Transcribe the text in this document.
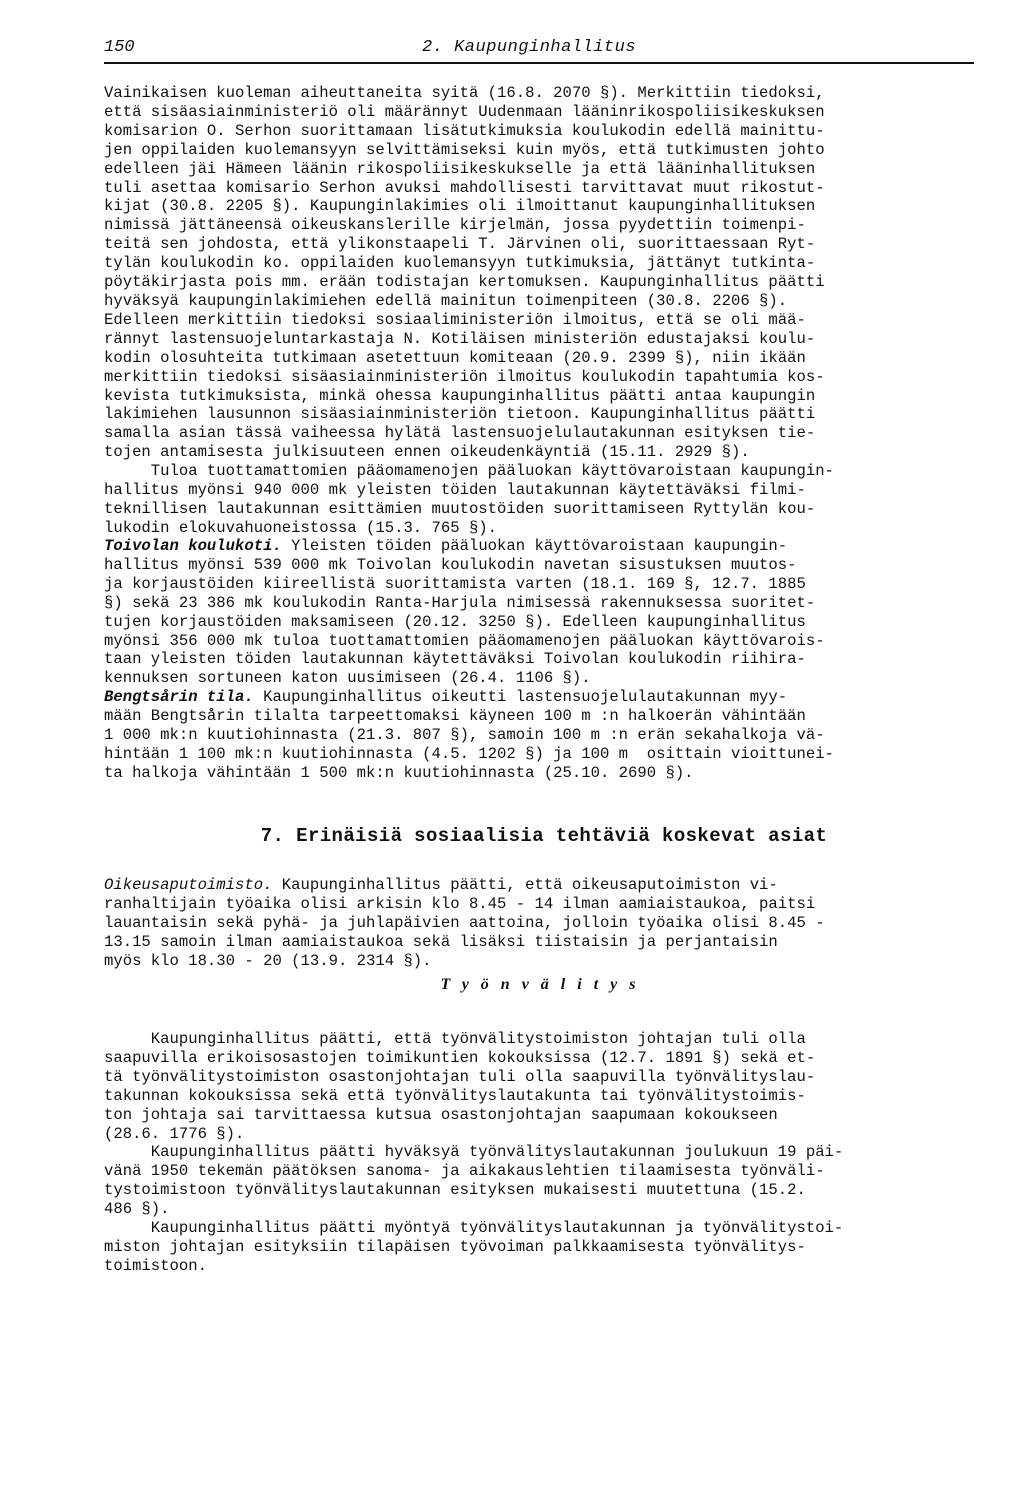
150	2. Kaupunginhallitus
Vainikaisen kuoleman aiheuttaneita syitä (16.8. 2070 §). Merkittiin tiedoksi,
että sisäasiainministeriö oli määrännyt Uudenmaan lääninrikospoliisikeskuksen
komisarion O. Serhon suorittamaan lisätutkimuksia koulukodin edellä mainittu-
jen oppilaiden kuolemansyyn selvittämiseksi kuin myös, että tutkimusten johto
edelleen jäi Hämeen läänin rikospoliisikeskukselle ja että lääninhallituksen
tuli asettaa komisario Serhon avuksi mahdollisesti tarvittavat muut rikostut-
kijat (30.8. 2205 §). Kaupunginlakimies oli ilmoittanut kaupunginhallituksen
nimissä jättäneensä oikeuskanslerille kirjelmän, jossa pyydettiin toimenpi-
teitä sen johdosta, että ylikonstaapeli T. Järvinen oli, suorittaessaan Ryt-
tylän koulukodin ko. oppilaiden kuolemansyyn tutkimuksia, jättänyt tutkinta-
pöytäkirjasta pois mm. erään todistajan kertomuksen. Kaupunginhallitus päätti
hyväksyä kaupunginlakimiehen edellä mainitun toimenpiteen (30.8. 2206 §).
Edelleen merkittiin tiedoksi sosiaaliministeriön ilmoitus, että se oli mää-
rännyt lastensuojeluntarkastaja N. Kotiläisen ministeriön edustajaksi koulu-
kodin olosuhteita tutkimaan asetettuun komiteaan (20.9. 2399 §), niin ikään
merkittiin tiedoksi sisäasiainministeriön ilmoitus koulukodin tapahtumia kos-
kevista tutkimuksista, minkä ohessa kaupunginhallitus päätti antaa kaupungin
lakimiehen lausunnon sisäasiainministeriön tietoon. Kaupunginhallitus päätti
samalla asian tässä vaiheessa hylätä lastensuojelulautakunnan esityksen tie-
tojen antamisesta julkisuuteen ennen oikeudenkäyntiä (15.11. 2929 §).
Tuloa tuottamattomien pääomamenojen pääluokan käyttövaroistaan kaupungin-
hallitus myönsi 940 000 mk yleisten töiden lautakunnan käytettäväksi filmi-
teknillisen lautakunnan esittämien muutostöiden suorittamiseen Ryttylän kou-
lukodin elokuvahuoneistossa (15.3. 765 §).
Toivolan koulukoti. Yleisten töiden pääluokan käyttövaroistaan kaupungin-
hallitus myönsi 539 000 mk Toivolan koulukodin navetan sisustuksen muutos-
ja korjaustöiden kiireellistä suorittamista varten (18.1. 169 §, 12.7. 1885
§) sekä 23 386 mk koulukodin Ranta-Harjula nimisessä rakennuksessa suoritet-
tujen korjaustöiden maksamiseen (20.12. 3250 §). Edelleen kaupunginhallitus
myönsi 356 000 mk tuloa tuottamattomien pääomamenojen pääluokan käyttövarois-
taan yleisten töiden lautakunnan käytettäväksi Toivolan koulukodin riihira-
kennuksen sortuneen katon uusimiseen (26.4. 1106 §).
Bengtsårin tila. Kaupunginhallitus oikeutti lastensuojelulautakunnan myy-
mään Bengtsårin tilalta tarpeettomaksi käyneen 100 m :n halkoerän vähintään
1 000 mk:n kuutiohinnasta (21.3. 807 §), samoin 100 m :n erän sekahalkoja vä-
hintään 1 100 mk:n kuutiohinnasta (4.5. 1202 §) ja 100 m  osittain vioittunei-
ta halkoja vähintään 1 500 mk:n kuutiohinnasta (25.10. 2690 §).
7. Erinäisiä sosiaalisia tehtäviä koskevat asiat
Oikeusaputoimisto. Kaupunginhallitus päätti, että oikeusaputoimiston vi-
ranhaltijain työaika olisi arkisin klo 8.45 - 14 ilman aamiaistaukoa, paitsi
lauantaisin sekä pyhä- ja juhlapäivien aattoina, jolloin työaika olisi 8.45 -
13.15 samoin ilman aamiaistaukoa sekä lisäksi tiistaisin ja perjantaisin
myös klo 18.30 - 20 (13.9. 2314 §).
Työnvälitys
Kaupunginhallitus päätti, että työnvälitystoimiston johtajan tuli olla
saapuvilla erikoisosastojen toimikuntien kokouksissa (12.7. 1891 §) sekä et-
tä työnvälitystoimiston osastonjohtajan tuli olla saapuvilla työnvälityslau-
takunnan kokouksissa sekä että työnvälityslautakunta tai työnvälitystoimis-
ton johtaja sai tarvittaessa kutsua osastonjohtajan saapumaan kokoukseen
(28.6. 1776 §).
Kaupunginhallitus päätti hyväksyä työnvälityslautakunnan joulukuun 19 päi-
vänä 1950 tekemän päätöksen sanoma- ja aikakauslehtien tilaamisesta työnväli-
tystoimistoon työnvälityslautakunnan esityksen mukaisesti muutettuna (15.2.
486 §).
Kaupunginhallitus päätti myöntyä työnvälityslautakunnan ja työnvälitystoi-
miston johtajan esityksiin tilapäisen työvoiman palkkaamisesta työnvälitys-
toimistoon.
